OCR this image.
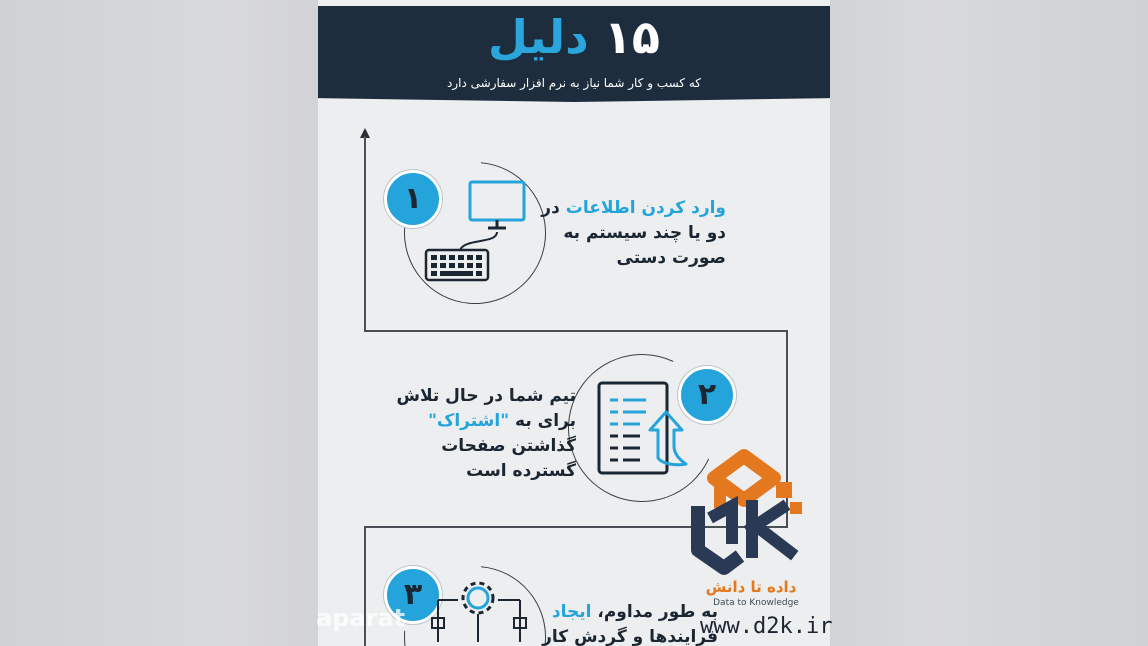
١۵ دلیل
که کسب و کار شما نیاز به نرم افزار سفارشی دارد
١	وارد کردن اطلاعات در
دو یا چند سیستم به
صورت دستی
٢
تیم شما در حال تلاش
برای به "اشتراک"
گذاشتن صفحات
گسترده است
٣	به طور مداوم، ایجاد
فرایندها و گردش کار
داده تا دانش
Data to Knowledge
www.d2k.ir
aparat
